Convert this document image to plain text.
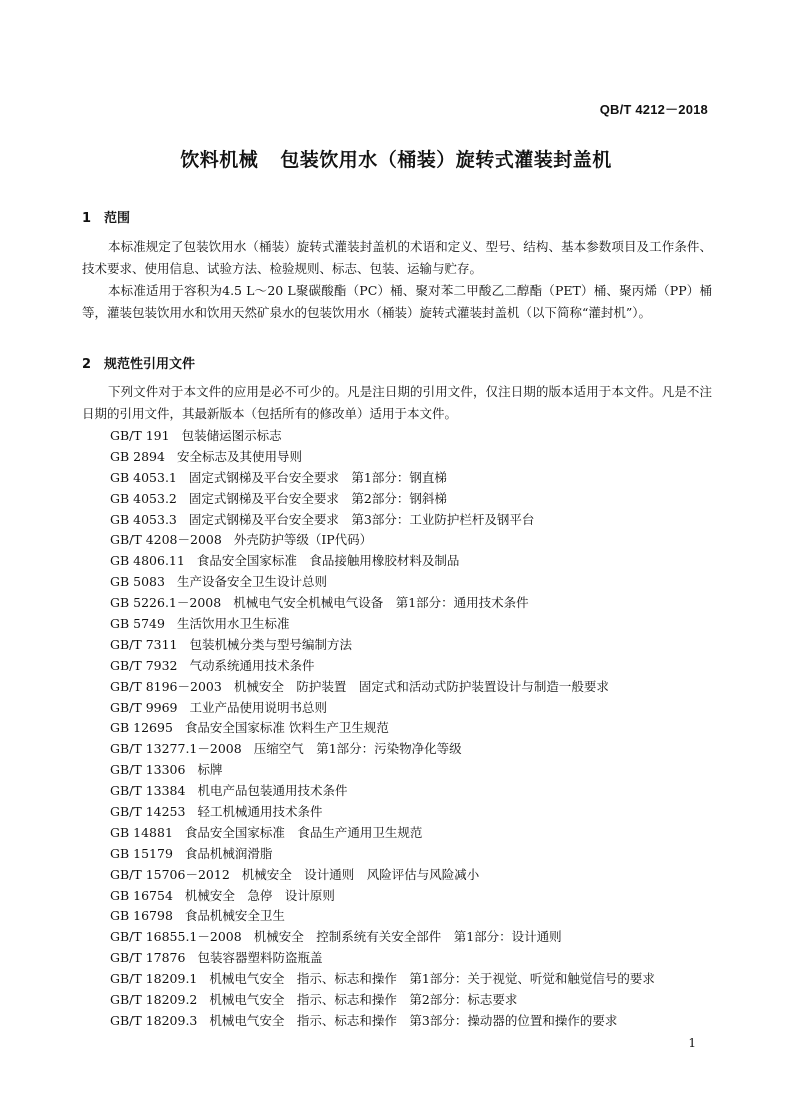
QB/T 4212－2018
饮料机械 包装饮用水（桶装）旋转式灌装封盖机
1 范围
本标准规定了包装饮用水（桶装）旋转式灌装封盖机的术语和定义、型号、结构、基本参数项目及工作条件、技术要求、使用信息、试验方法、检验规则、标志、包装、运输与贮存。
本标准适用于容积为4.5 L～20 L聚碳酸酯（PC）桶、聚对苯二甲酸乙二醇酯（PET）桶、聚丙烯（PP）桶等，灌装包装饮用水和饮用天然矿泉水的包装饮用水（桶装）旋转式灌装封盖机（以下简称“灌封机”）。
2 规范性引用文件
下列文件对于本文件的应用是必不可少的。凡是注日期的引用文件，仅注日期的版本适用于本文件。凡是不注日期的引用文件，其最新版本（包括所有的修改单）适用于本文件。
GB/T 191 包装储运图示标志
GB 2894 安全标志及其使用导则
GB 4053.1 固定式钢梯及平台安全要求　第1部分：钢直梯
GB 4053.2 固定式钢梯及平台安全要求　第2部分：钢斜梯
GB 4053.3 固定式钢梯及平台安全要求　第3部分：工业防护栏杆及钢平台
GB/T 4208－2008 外壳防护等级（IP代码）
GB 4806.11 食品安全国家标准　食品接触用橡胶材料及制品
GB 5083 生产设备安全卫生设计总则
GB 5226.1－2008 机械电气安全机械电气设备　第1部分：通用技术条件
GB 5749 生活饮用水卫生标准
GB/T 7311 包装机械分类与型号编制方法
GB/T 7932 气动系统通用技术条件
GB/T 8196－2003 机械安全　防护装置　固定式和活动式防护装置设计与制造一般要求
GB/T 9969 工业产品使用说明书总则
GB 12695 食品安全国家标准 饮料生产卫生规范
GB/T 13277.1－2008 压缩空气　第1部分：污染物净化等级
GB/T 13306 标牌
GB/T 13384 机电产品包装通用技术条件
GB/T 14253 轻工机械通用技术条件
GB 14881 食品安全国家标准　食品生产通用卫生规范
GB 15179 食品机械润滑脂
GB/T 15706－2012 机械安全　设计通则　风险评估与风险减小
GB 16754 机械安全　急停　设计原则
GB 16798 食品机械安全卫生
GB/T 16855.1－2008 机械安全　控制系统有关安全部件　第1部分：设计通则
GB/T 17876 包装容器塑料防盗瓶盖
GB/T 18209.1 机械电气安全　指示、标志和操作　第1部分：关于视觉、听觉和触觉信号的要求
GB/T 18209.2 机械电气安全　指示、标志和操作　第2部分：标志要求
GB/T 18209.3 机械电气安全　指示、标志和操作　第3部分：操动器的位置和操作的要求
1
